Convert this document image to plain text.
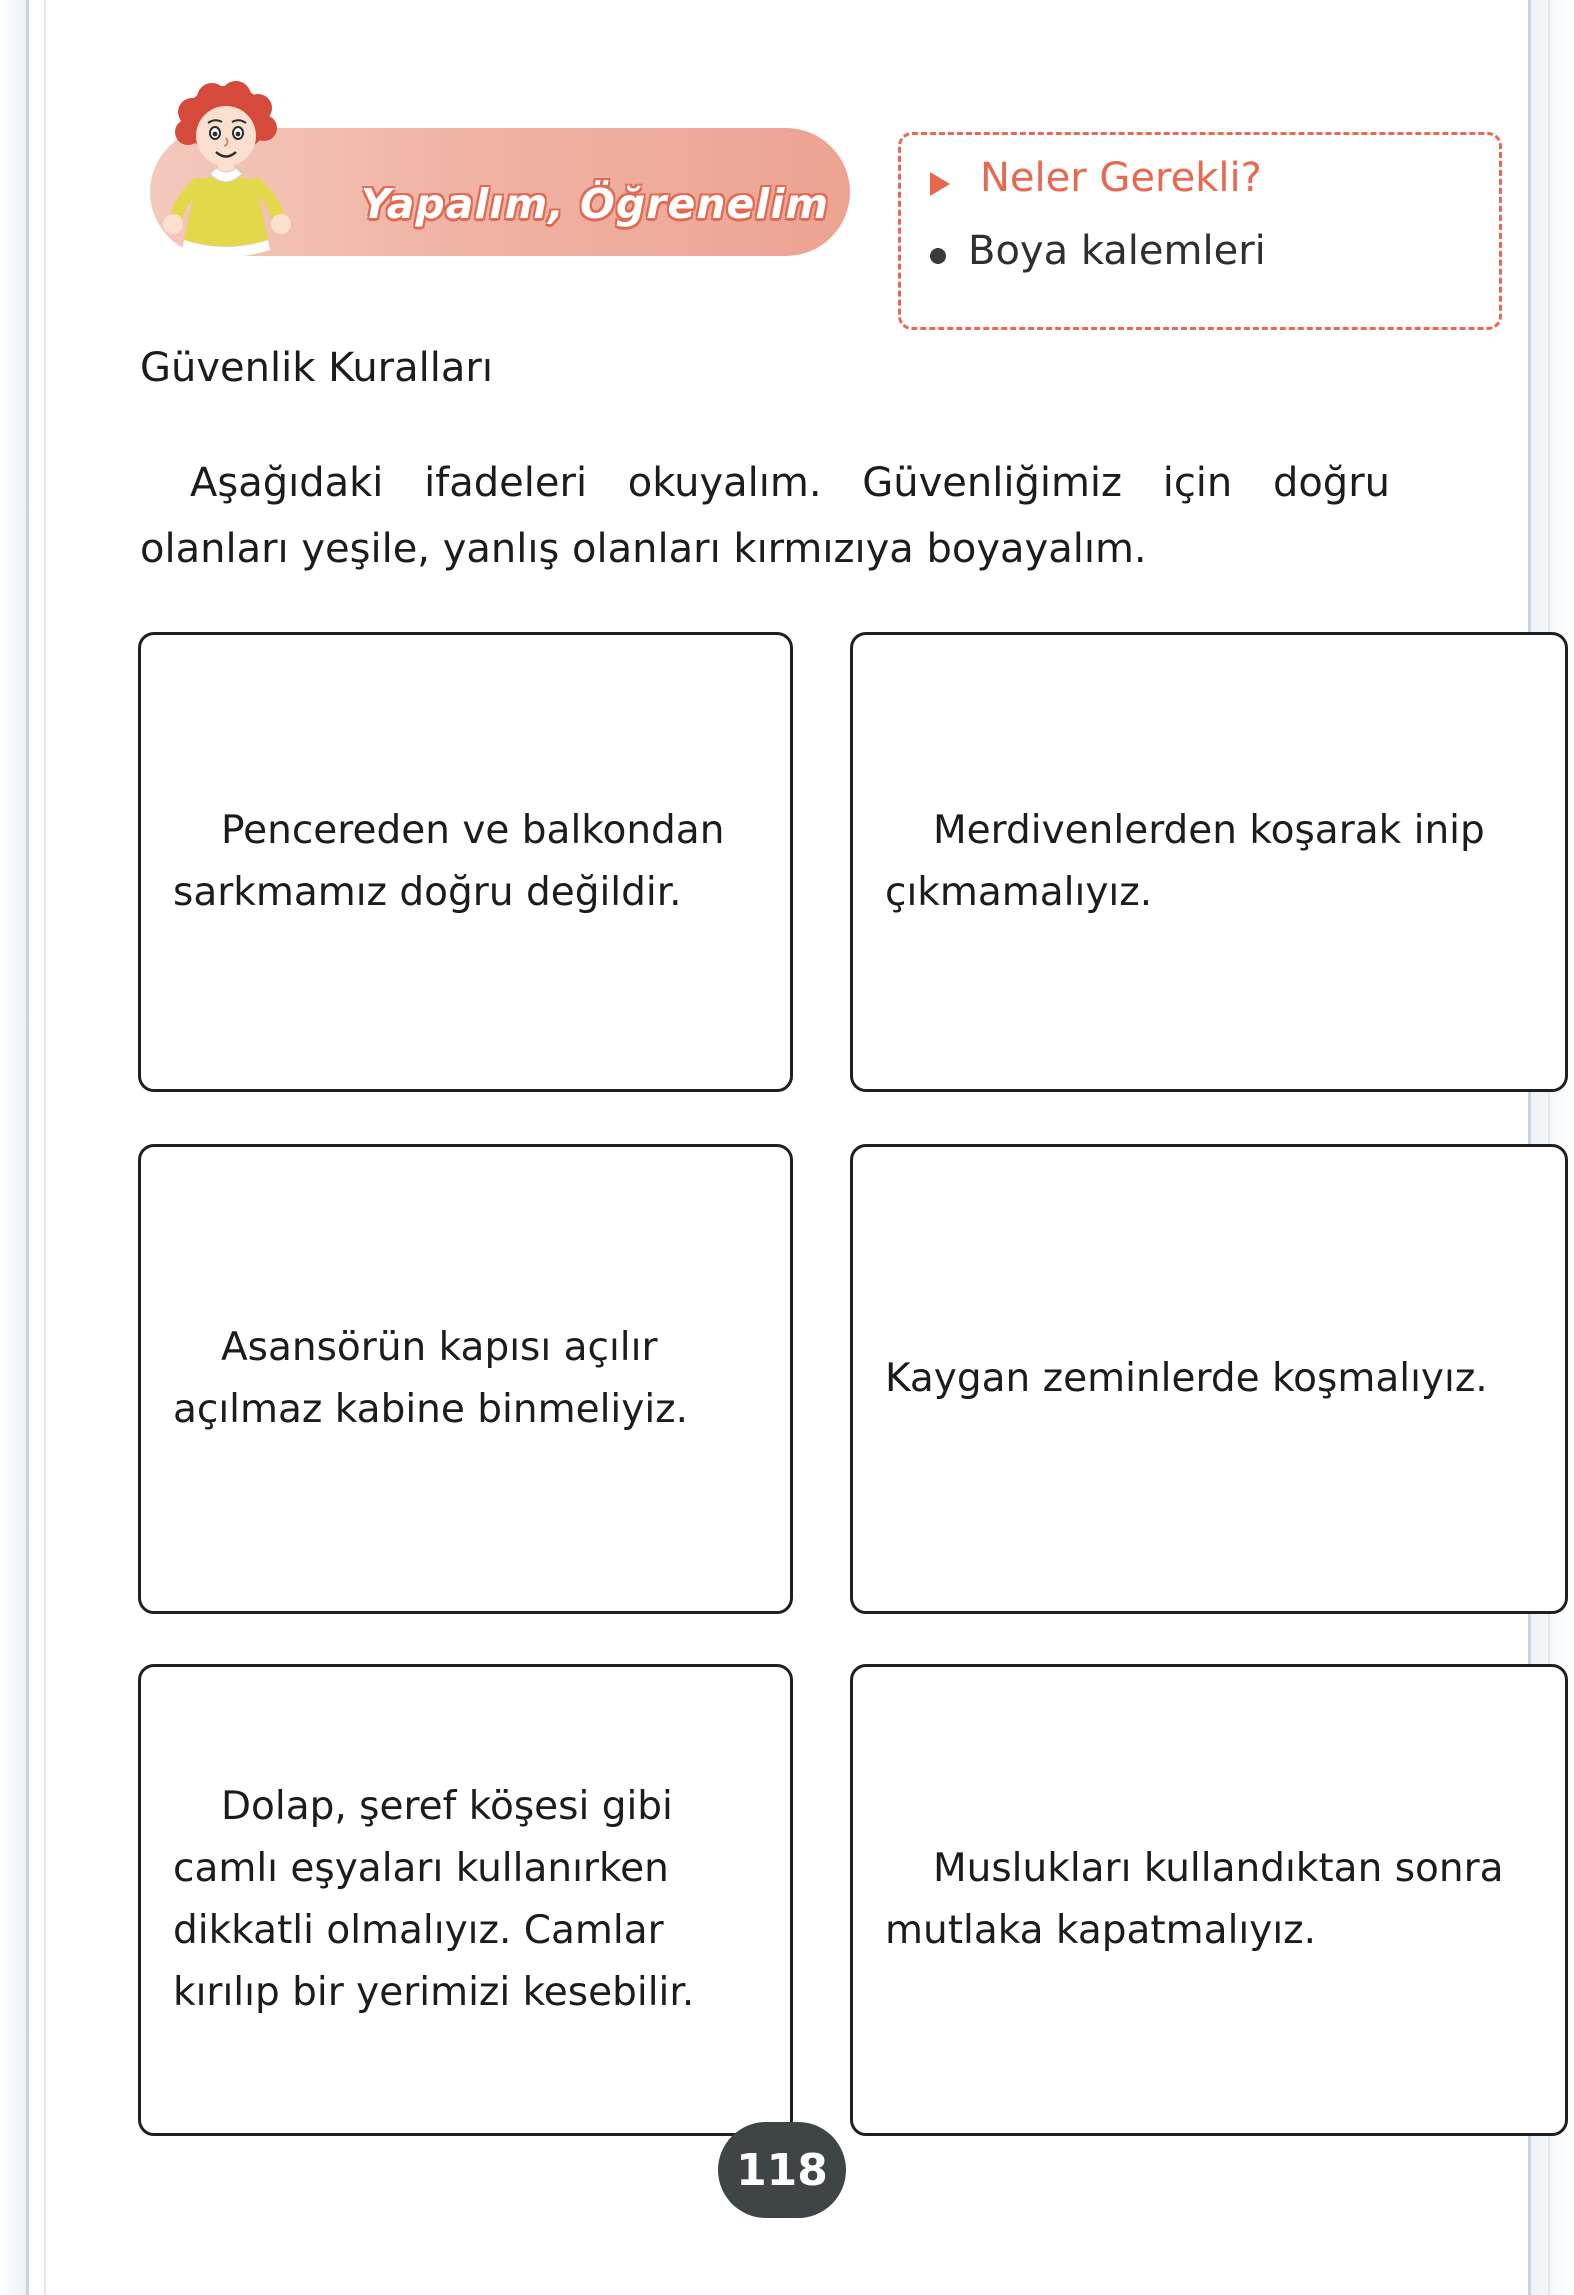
Yapalım, Öğrenelim
Neler Gerekli?
Boya kalemleri
Güvenlik Kuralları
Aşağıdaki ifadeleri okuyalım. Güvenliğimiz için doğru olanları yeşile, yanlış olanları kırmızıya boyayalım.
Pencereden ve balkondan sarkmamız doğru değildir.
Merdivenlerden koşarak inip çıkmamalıyız.
Asansörün kapısı açılır açılmaz kabine binmeliyiz.
Kaygan zeminlerde koşmalıyız.
Dolap, şeref köşesi gibi camlı eşyaları kullanırken dikkatli olmalıyız. Camlar kırılıp bir yerimizi kesebilir.
Muslukları kullandıktan sonra mutlaka kapatmalıyız.
118
